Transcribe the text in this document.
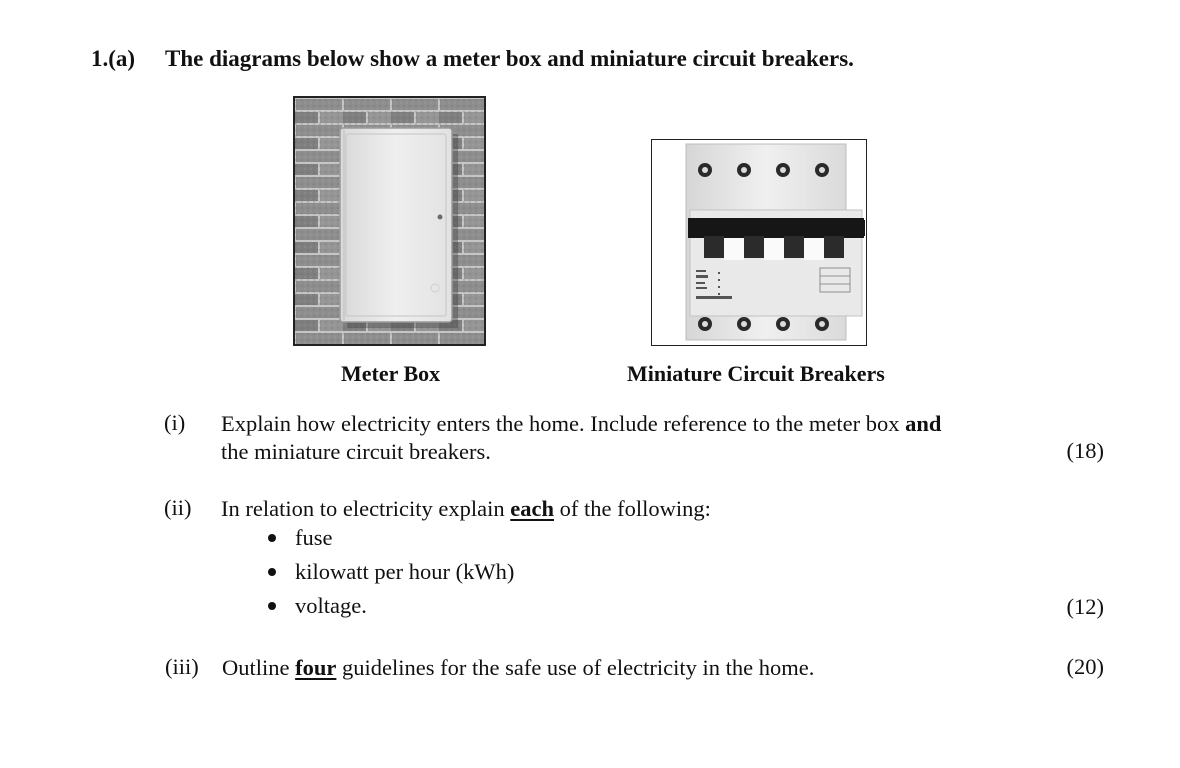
1.(a) The diagrams below show a meter box and miniature circuit breakers.
Meter Box	Miniature Circuit Breakers
(i) Explain how electricity enters the home. Include reference to the meter box and
the miniature circuit breakers.	(18)
(ii) In relation to electricity explain each of the following:
fuse
kilowatt per hour (kWh)
voltage.	(12)
(iii) Outline four guidelines for the safe use of electricity in the home.	(20)
